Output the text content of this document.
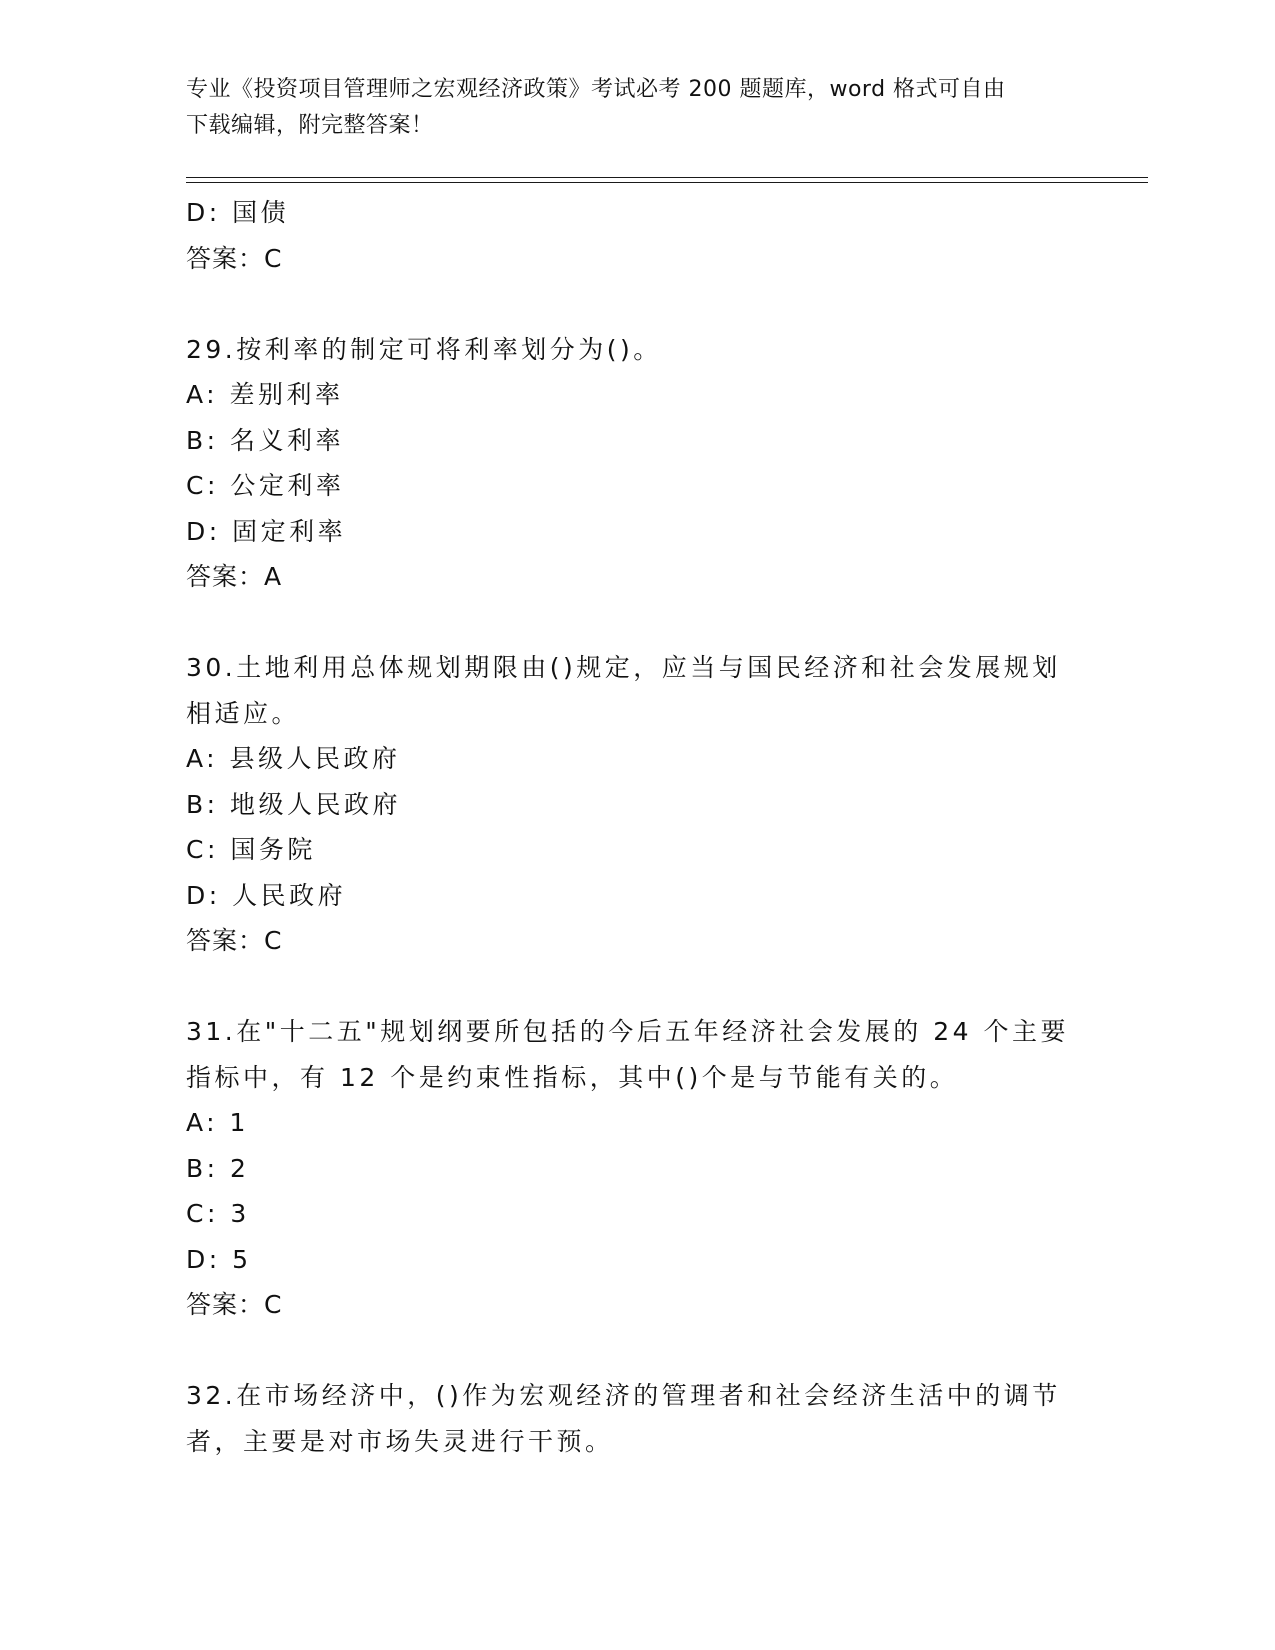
专业《投资项目管理师之宏观经济政策》考试必考 200 题题库，word 格式可自由
下载编辑，附完整答案！
D: 国债
答案：C
29.按利率的制定可将利率划分为()。
A: 差别利率
B: 名义利率
C: 公定利率
D: 固定利率
答案：A
30.土地利用总体规划期限由()规定，应当与国民经济和社会发展规划
相适应。
A: 县级人民政府
B: 地级人民政府
C: 国务院
D: 人民政府
答案：C
31.在"十二五"规划纲要所包括的今后五年经济社会发展的 24 个主要
指标中，有 12 个是约束性指标，其中()个是与节能有关的。
A: 1
B: 2
C: 3
D: 5
答案：C
32.在市场经济中，()作为宏观经济的管理者和社会经济生活中的调节
者，主要是对市场失灵进行干预。
